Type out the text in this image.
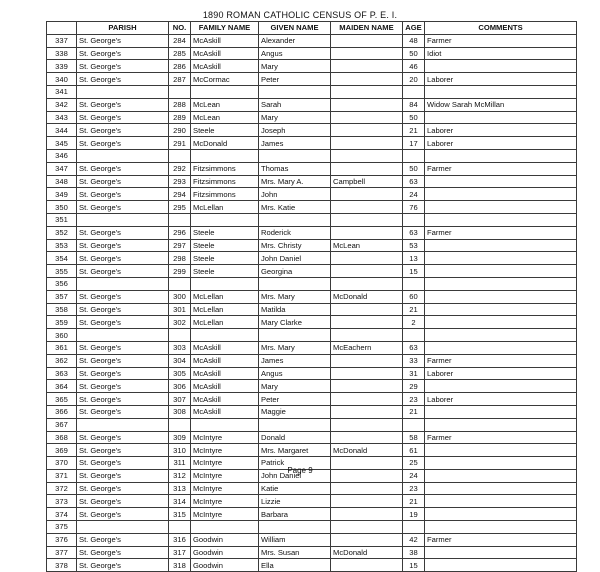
1890 ROMAN CATHOLIC CENSUS OF P. E. I.
	PARISH	NO.	FAMILY NAME	GIVEN NAME	MAIDEN NAME	AGE	COMMENTS
337	St. George's	284	McAskill	Alexander		48	Farmer
338	St. George's	285	McAskill	Angus		50	Idiot
339	St. George's	286	McAskill	Mary		46	
340	St. George's	287	McCormac	Peter		20	Laborer
341							
342	St. George's	288	McLean	Sarah		84	Widow Sarah McMillan
343	St. George's	289	McLean	Mary		50	
344	St. George's	290	Steele	Joseph		21	Laborer
345	St. George's	291	McDonald	James		17	Laborer
346							
347	St. George's	292	Fitzsimmons	Thomas		50	Farmer
348	St. George's	293	Fitzsimmons	Mrs. Mary A.	Campbell	63	
349	St. George's	294	Fitzsimmons	John		24	
350	St. George's	295	McLellan	Mrs. Katie		76	
351							
352	St. George's	296	Steele	Roderick		63	Farmer
353	St. George's	297	Steele	Mrs. Christy	McLean	53	
354	St. George's	298	Steele	John Daniel		13	
355	St. George's	299	Steele	Georgina		15	
356							
357	St. George's	300	McLellan	Mrs. Mary	McDonald	60	
358	St. George's	301	McLellan	Matilda		21	
359	St. George's	302	McLellan	Mary Clarke		2	
360							
361	St. George's	303	McAskill	Mrs. Mary	McEachern	63	
362	St. George's	304	McAskill	James		33	Farmer
363	St. George's	305	McAskill	Angus		31	Laborer
364	St. George's	306	McAskill	Mary		29	
365	St. George's	307	McAskill	Peter		23	Laborer
366	St. George's	308	McAskill	Maggie		21	
367							
368	St. George's	309	McIntyre	Donald		58	Farmer
369	St. George's	310	McIntyre	Mrs. Margaret	McDonald	61	
370	St. George's	311	McIntyre	Patrick		25	
371	St. George's	312	McIntyre	John Daniel		24	
372	St. George's	313	McIntyre	Katie		23	
373	St. George's	314	McIntyre	Lizzie		21	
374	St. George's	315	McIntyre	Barbara		19	
375							
376	St. George's	316	Goodwin	William		42	Farmer
377	St. George's	317	Goodwin	Mrs. Susan	McDonald	38	
378	St. George's	318	Goodwin	Ella		15	
Page 9
